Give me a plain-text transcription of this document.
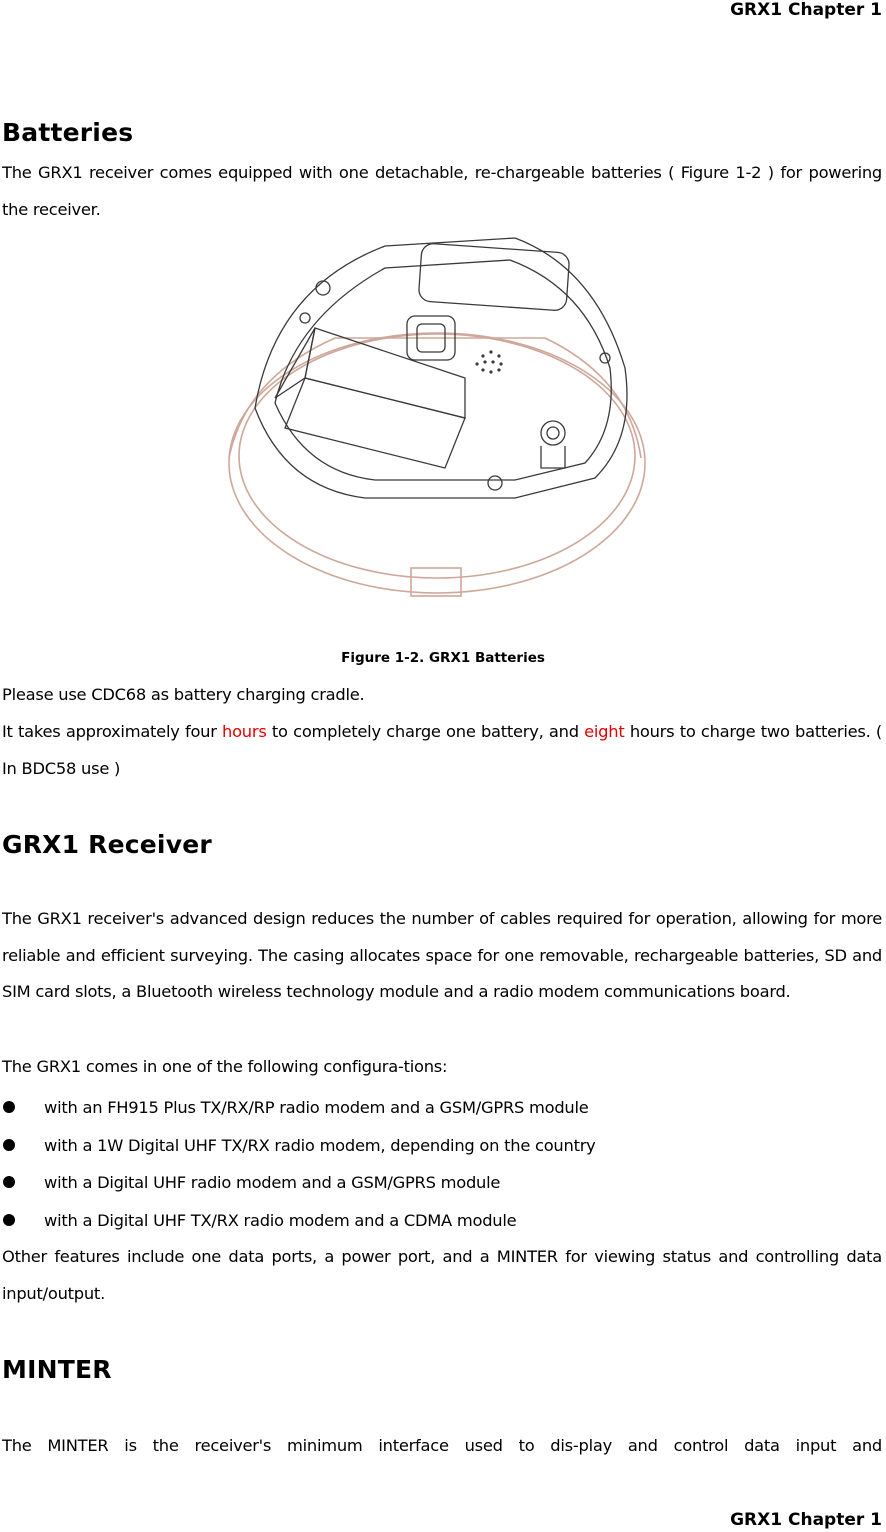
GRX1 Chapter 1
Batteries

The GRX1 receiver comes equipped with one detachable, re-chargeable batteries ( Figure 1-2 ) for powering the receiver.

Figure 1-2. GRX1 Batteries

Please use CDC68 as battery charging cradle.

It takes approximately four hours to completely charge one battery, and eight hours to charge two batteries. ( In BDC58 use )

GRX1 Receiver

The GRX1 receiver's advanced design reduces the number of cables required for operation, allowing for more reliable and efficient surveying. The casing allocates space for one removable, rechargeable batteries, SD and SIM card slots, a Bluetooth wireless technology module and a radio modem communications board.

The GRX1 comes in one of the following configura-tions:

with an FH915 Plus TX/RX/RP radio modem and a GSM/GPRS module
with a 1W Digital UHF TX/RX radio modem, depending on the country
with a Digital UHF radio modem and a GSM/GPRS module
with a Digital UHF TX/RX radio modem and a CDMA module

Other features include one data ports, a power port, and a MINTER for viewing status and controlling data input/output.

MINTER

The MINTER is the receiver's minimum interface used to dis-play and control data input and

GRX1 Chapter 1
